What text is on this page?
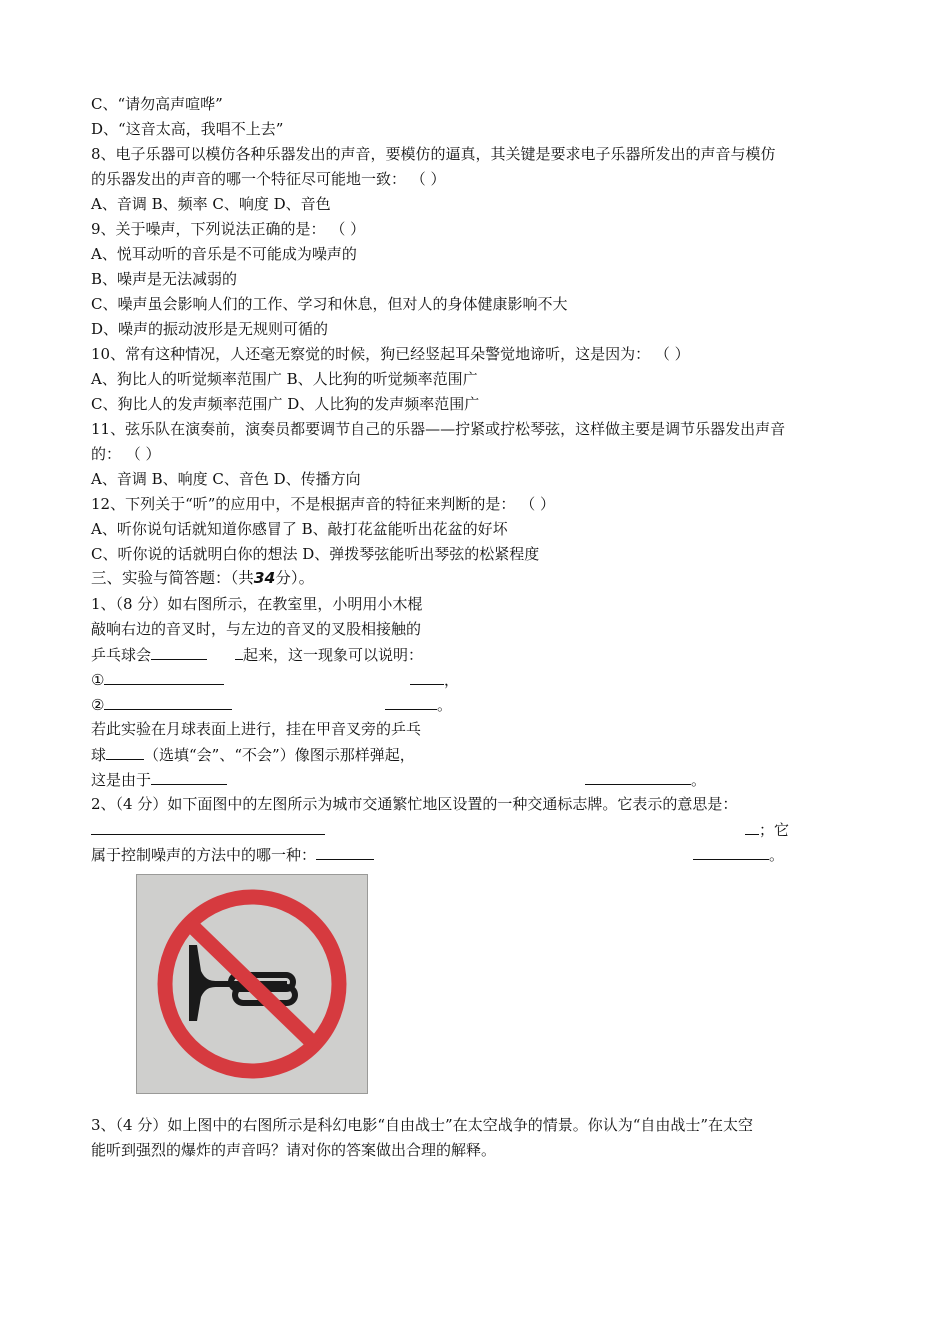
C、“请勿高声喧哗”
D、“这音太高，我唱不上去”
8、电子乐器可以模仿各种乐器发出的声音，要模仿的逼真，其关键是要求电子乐器所发出的声音与模仿
的乐器发出的声音的哪一个特征尽可能地一致： （ ）
A、音调 B、频率 C、响度 D、音色
9、关于噪声，下列说法正确的是： （ ）
A、悦耳动听的音乐是不可能成为噪声的
B、噪声是无法减弱的
C、噪声虽会影响人们的工作、学习和休息，但对人的身体健康影响不大
D、噪声的振动波形是无规则可循的
10、常有这种情况，人还毫无察觉的时候，狗已经竖起耳朵警觉地谛听，这是因为： （ ）
A、狗比人的听觉频率范围广 B、人比狗的听觉频率范围广
C、狗比人的发声频率范围广 D、人比狗的发声频率范围广
11、弦乐队在演奏前，演奏员都要调节自己的乐器——拧紧或拧松琴弦，这样做主要是调节乐器发出声音
的： （ ）
A、音调 B、响度 C、音色 D、传播方向
12、下列关于“听”的应用中，不是根据声音的特征来判断的是： （ ）
A、听你说句话就知道你感冒了 B、敲打花盆能听出花盆的好坏
C、听你说的话就明白你的想法 D、弹拨琴弦能听出琴弦的松紧程度
三、实验与简答题：（共34分）。
1、（8 分）如右图所示，在教室里，小明用小木棍
敲响右边的音叉时，与左边的音叉的叉股相接触的
乒乓球会	起来，这一现象可以说明：
①	，
②	。
若此实验在月球表面上进行，挂在甲音叉旁的乒乓
球	（选填“会”、“不会”）像图示那样弹起，
这是由于	。
2、（4 分）如下面图中的左图所示为城市交通繁忙地区设置的一种交通标志牌。它表示的意思是：
；它
属于控制噪声的方法中的哪一种：	。
3、（4 分）如上图中的右图所示是科幻电影“自由战士”在太空战争的情景。你认为“自由战士”在太空
能听到强烈的爆炸的声音吗？请对你的答案做出合理的解释。
